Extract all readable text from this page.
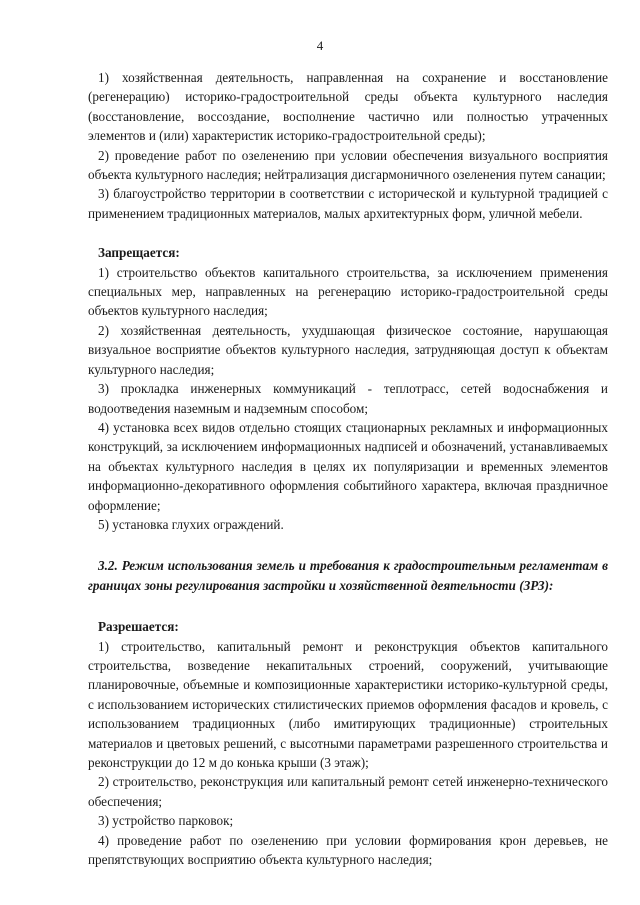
4

1) хозяйственная деятельность, направленная на сохранение и восстановление (регенерацию) историко-градостроительной среды объекта культурного наследия (восстановление, воссоздание, восполнение частично или полностью утраченных элементов и (или) характеристик историко-градостроительной среды);

2) проведение работ по озеленению при условии обеспечения визуального восприятия объекта культурного наследия; нейтрализация дисгармоничного озеленения путем санации;

3) благоустройство территории в соответствии с исторической и культурной традицией с применением традиционных материалов, малых архитектурных форм, уличной мебели.

Запрещается:

1) строительство объектов капитального строительства, за исключением применения специальных мер, направленных на регенерацию историко-градостроительной среды объектов культурного наследия;

2) хозяйственная деятельность, ухудшающая физическое состояние, нарушающая визуальное восприятие объектов культурного наследия, затрудняющая доступ к объектам культурного наследия;

3) прокладка инженерных коммуникаций - теплотрасс, сетей водоснабжения и водоотведения наземным и надземным способом;

4) установка всех видов отдельно стоящих стационарных рекламных и информационных конструкций, за исключением информационных надписей и обозначений, устанавливаемых на объектах культурного наследия в целях их популяризации и временных элементов информационно-декоративного оформления событийного характера, включая праздничное оформление;

5) установка глухих ограждений.

3.2. Режим использования земель и требования к градостроительным регламентам в границах зоны регулирования застройки и хозяйственной деятельности (ЗРЗ):
Разрешается:

1) строительство, капитальный ремонт и реконструкция объектов капитального строительства, возведение некапитальных строений, сооружений, учитывающие планировочные, объемные и композиционные характеристики историко-культурной среды, с использованием исторических стилистических приемов оформления фасадов и кровель, с использованием традиционных (либо имитирующих традиционные) строительных материалов и цветовых решений, с высотными параметрами разрешенного строительства и реконструкции до 12 м до конька крыши (3 этаж);

2) строительство, реконструкция или капитальный ремонт сетей инженерно-технического обеспечения;

3) устройство парковок;

4) проведение работ по озеленению при условии формирования крон деревьев, не препятствующих восприятию объекта культурного наследия;
